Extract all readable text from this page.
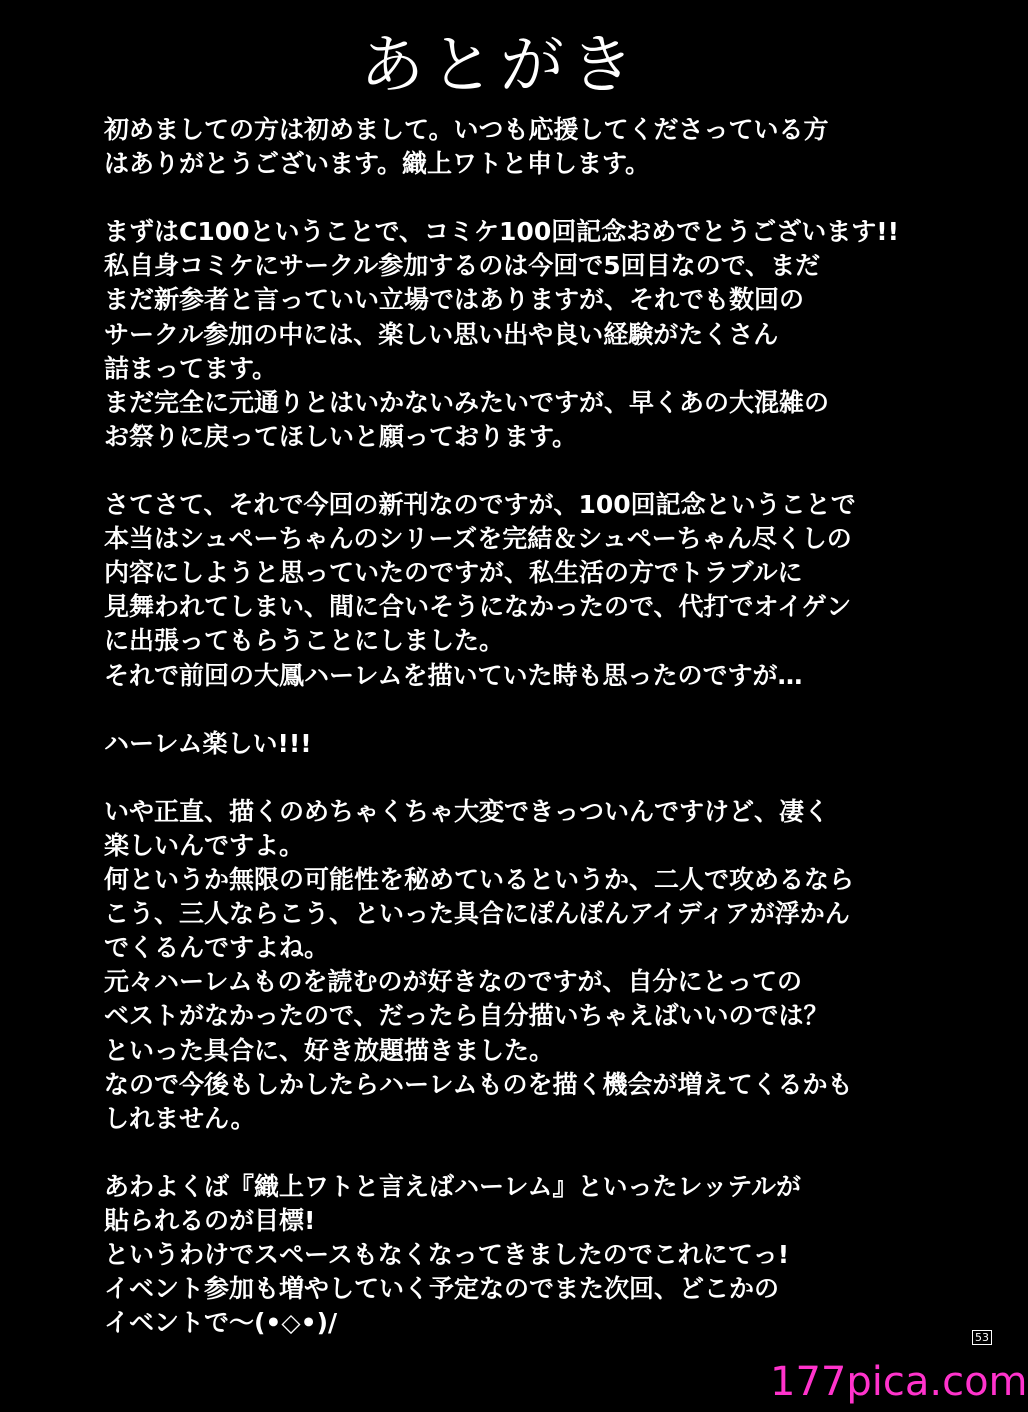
あとがき
初めましての方は初めまして。いつも応援してくださっている方
はありがとうございます。織上ワトと申します。
まずはC100ということで、コミケ100回記念おめでとうございます!!
私自身コミケにサークル参加するのは今回で5回目なので、まだ
まだ新参者と言っていい立場ではありますが、それでも数回の
サークル参加の中には、楽しい思い出や良い経験がたくさん
詰まってます。
まだ完全に元通りとはいかないみたいですが、早くあの大混雑の
お祭りに戻ってほしいと願っております。
さてさて、それで今回の新刊なのですが、100回記念ということで
本当はシュペーちゃんのシリーズを完結＆シュペーちゃん尽くしの
内容にしようと思っていたのですが、私生活の方でトラブルに
見舞われてしまい、間に合いそうになかったので、代打でオイゲン
に出張ってもらうことにしました。
それで前回の大鳳ハーレムを描いていた時も思ったのですが…
ハーレム楽しい!!!
いや正直、描くのめちゃくちゃ大変できっついんですけど、凄く
楽しいんですよ。
何というか無限の可能性を秘めているというか、二人で攻めるなら
こう、三人ならこう、といった具合にぽんぽんアイディアが浮かん
でくるんですよね。
元々ハーレムものを読むのが好きなのですが、自分にとっての
ベストがなかったので、だったら自分描いちゃえばいいのでは？
といった具合に、好き放題描きました。
なので今後もしかしたらハーレムものを描く機会が増えてくるかも
しれません。
あわよくば『織上ワトと言えばハーレム』といったレッテルが
貼られるのが目標!
というわけでスペースもなくなってきましたのでこれにてっ!
イベント参加も増やしていく予定なのでまた次回、どこかの
イベントで〜(•◇•)/
53
177pica.com
